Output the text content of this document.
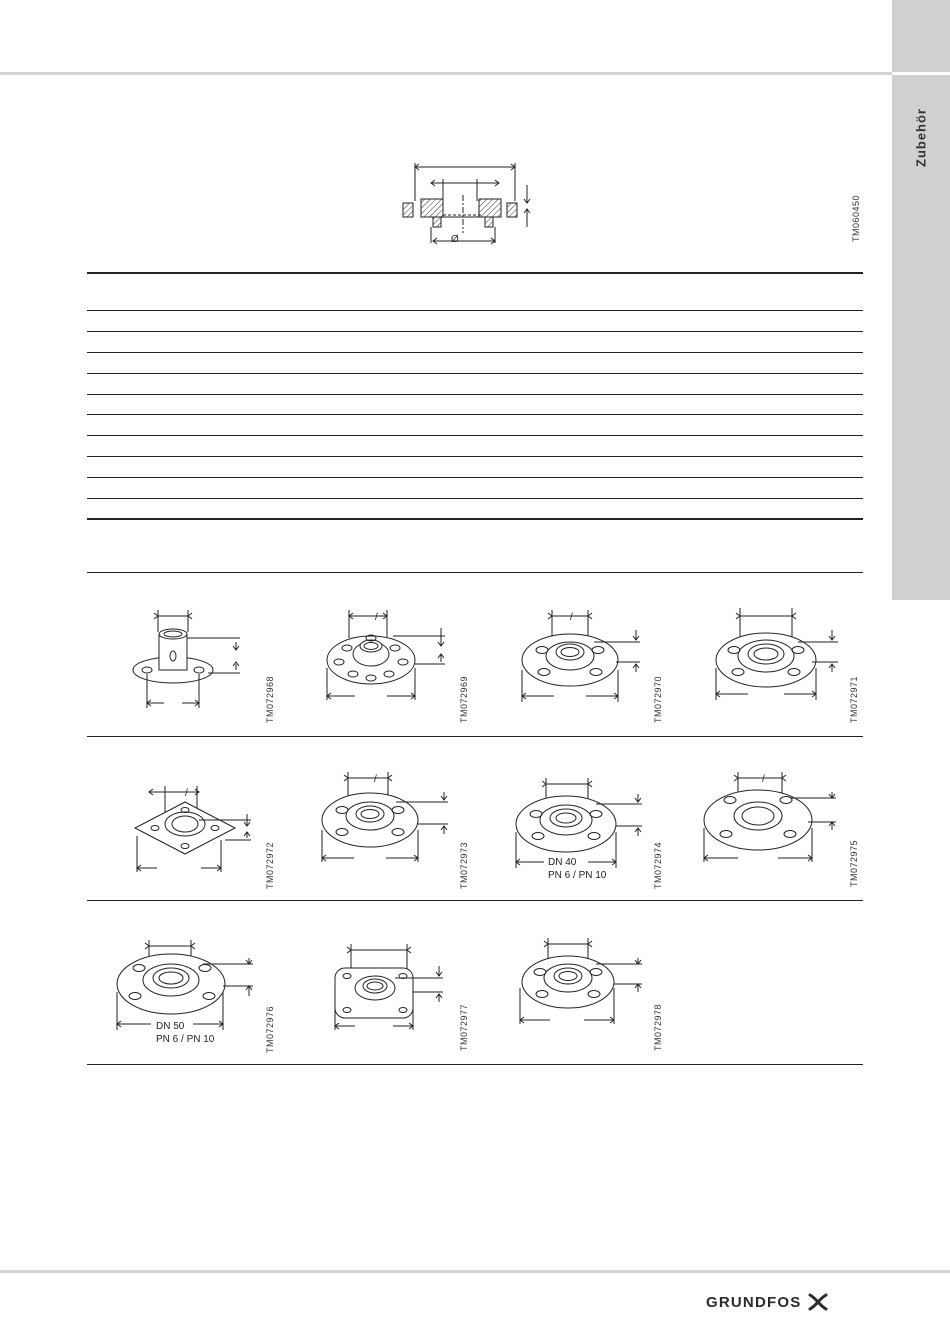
Zubehör
Ø	TM060450
TM072968
/
TM072969
/
TM072970	TM072971
/
TM072972
/
TM072973	DN 40
PN 6 / PN 10	TM072974
/
TM072975
DN 50
PN 6 / PN 10	TM072976	TM072977	TM072978
GRUNDFOS
